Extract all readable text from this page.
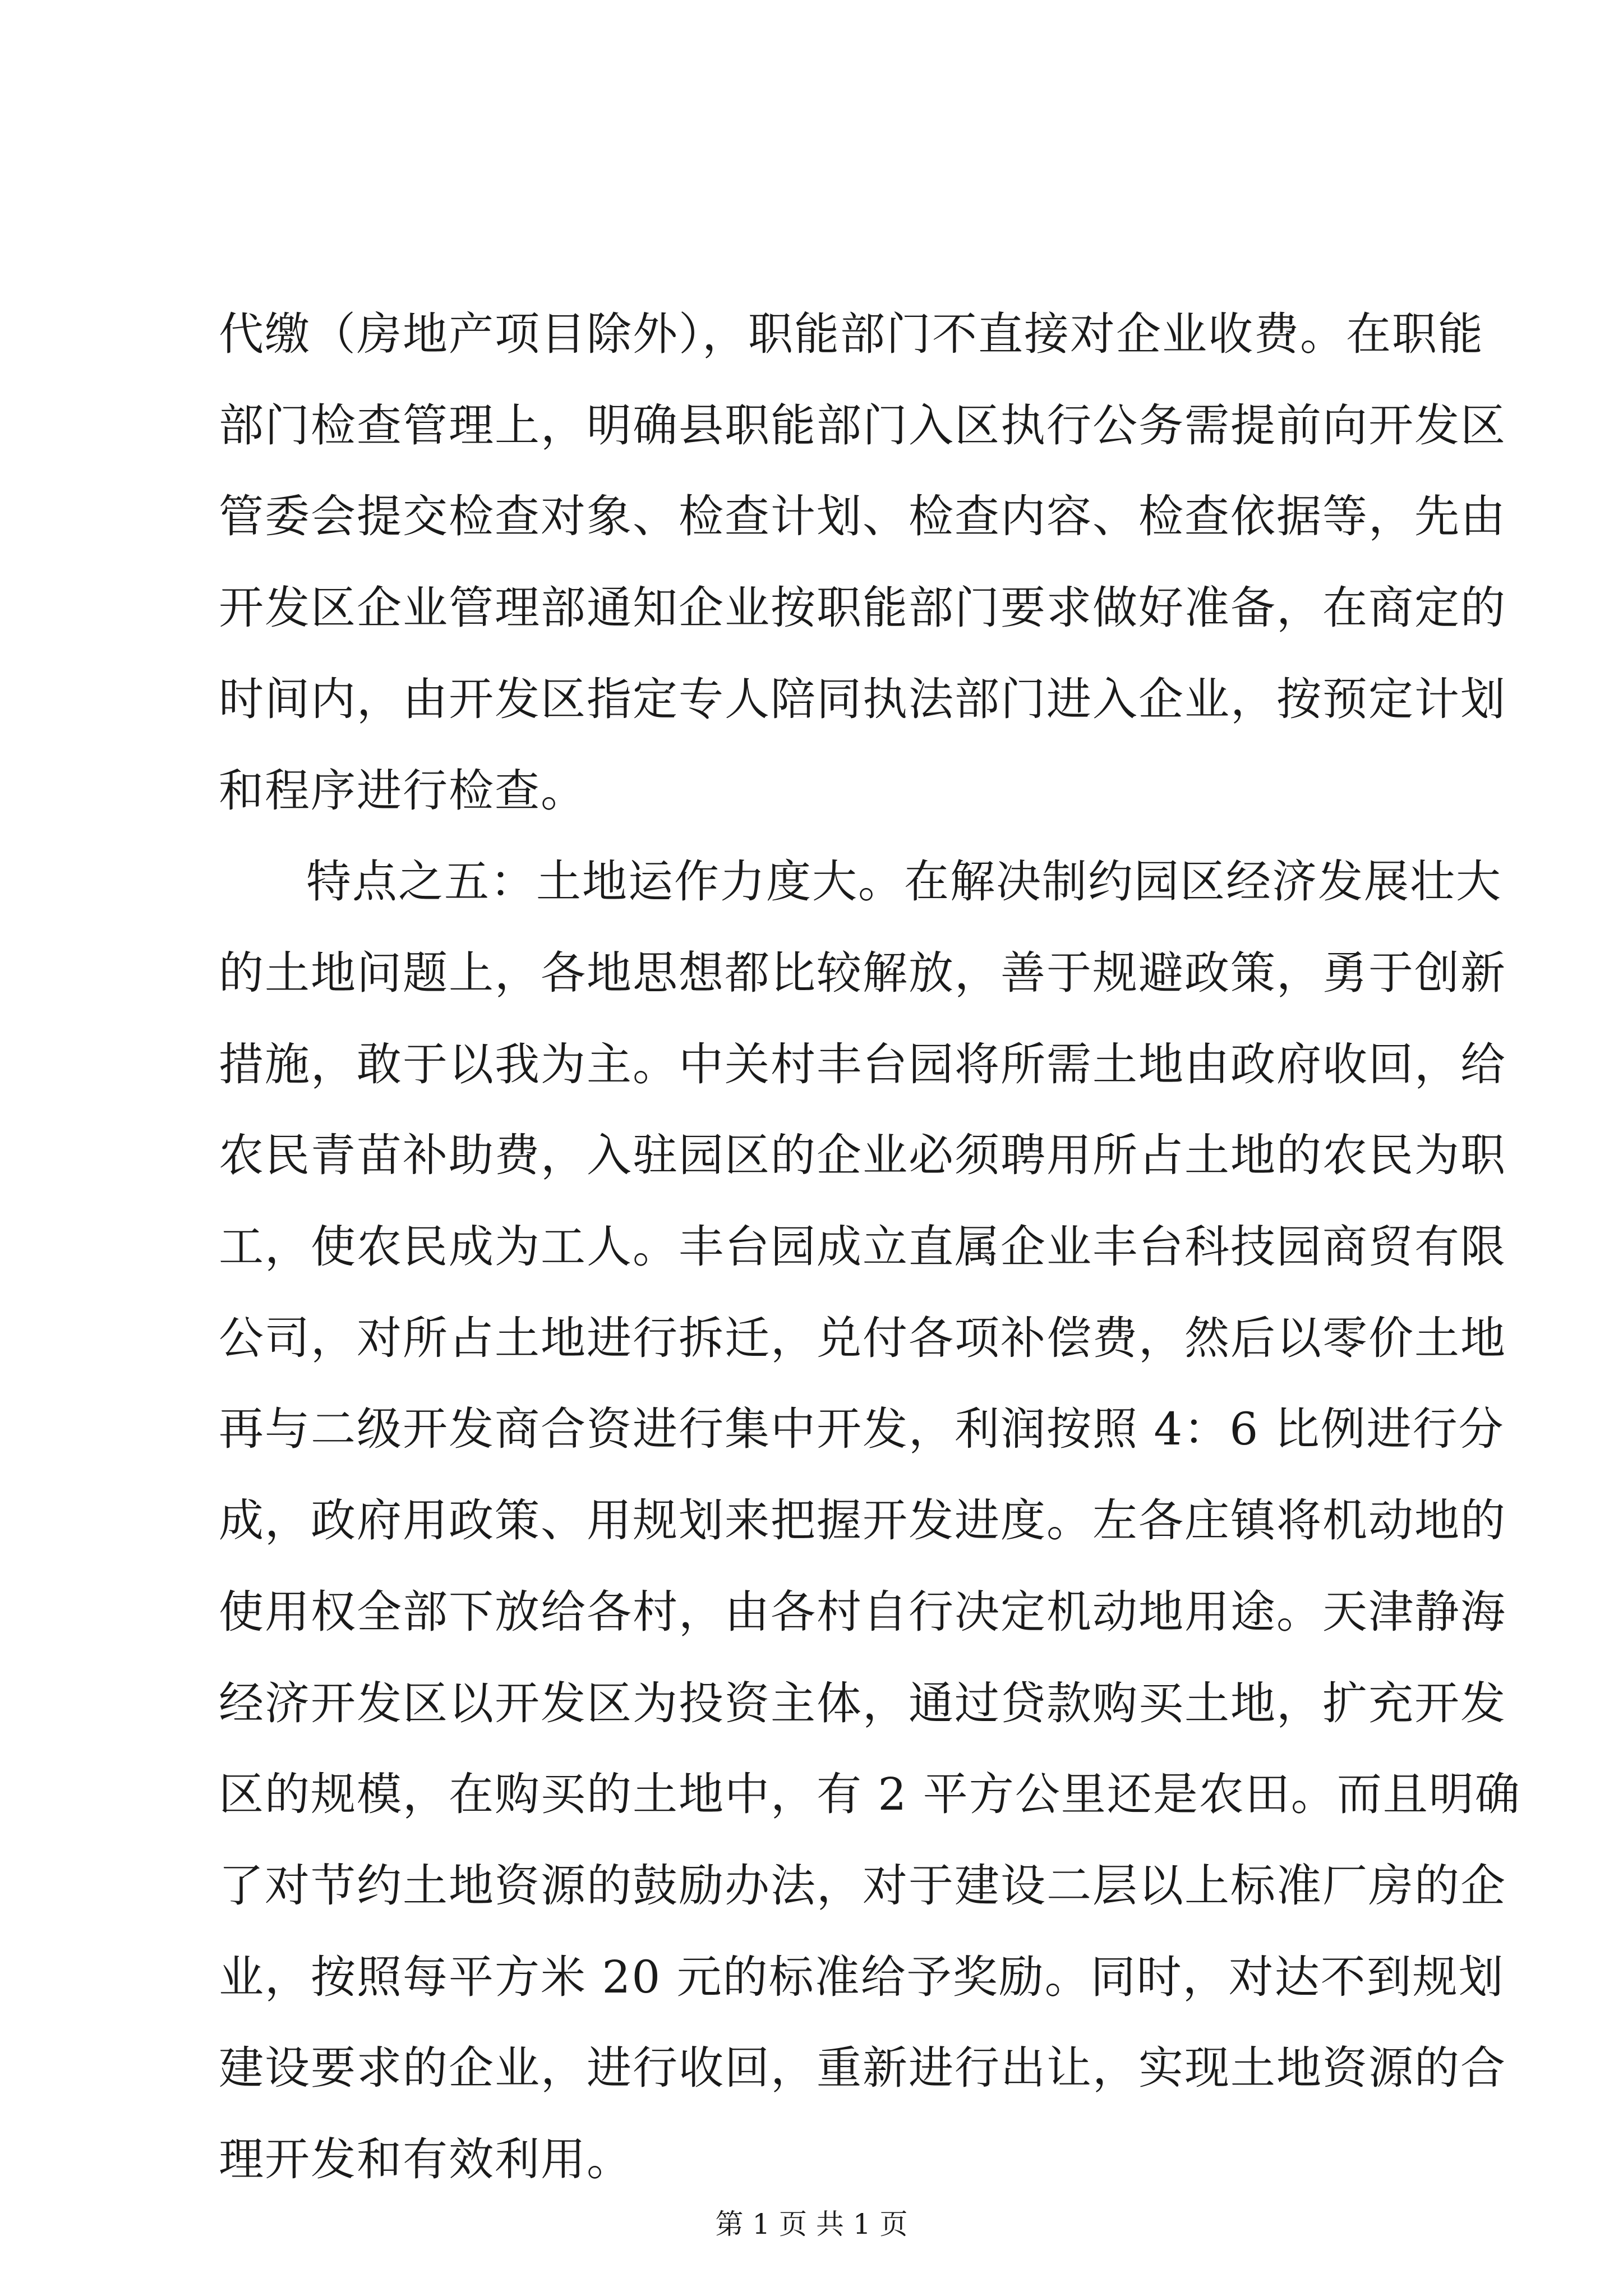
代缴（房地产项目除外），职能部门不直接对企业收费。在职能
部门检查管理上，明确县职能部门入区执行公务需提前向开发区
管委会提交检查对象、检查计划、检查内容、检查依据等，先由
开发区企业管理部通知企业按职能部门要求做好准备，在商定的
时间内，由开发区指定专人陪同执法部门进入企业，按预定计划
和程序进行检查。
特点之五：土地运作力度大。在解决制约园区经济发展壮大
的土地问题上，各地思想都比较解放，善于规避政策，勇于创新
措施，敢于以我为主。中关村丰台园将所需土地由政府收回，给
农民青苗补助费，入驻园区的企业必须聘用所占土地的农民为职
工，使农民成为工人。丰台园成立直属企业丰台科技园商贸有限
公司，对所占土地进行拆迁，兑付各项补偿费，然后以零价土地
再与二级开发商合资进行集中开发，利润按照 4：6 比例进行分
成，政府用政策、用规划来把握开发进度。左各庄镇将机动地的
使用权全部下放给各村，由各村自行决定机动地用途。天津静海
经济开发区以开发区为投资主体，通过贷款购买土地，扩充开发
区的规模，在购买的土地中，有 2 平方公里还是农田。而且明确
了对节约土地资源的鼓励办法，对于建设二层以上标准厂房的企
业，按照每平方米 20 元的标准给予奖励。同时，对达不到规划
建设要求的企业，进行收回，重新进行出让，实现土地资源的合
理开发和有效利用。
第 1 页 共 1 页
